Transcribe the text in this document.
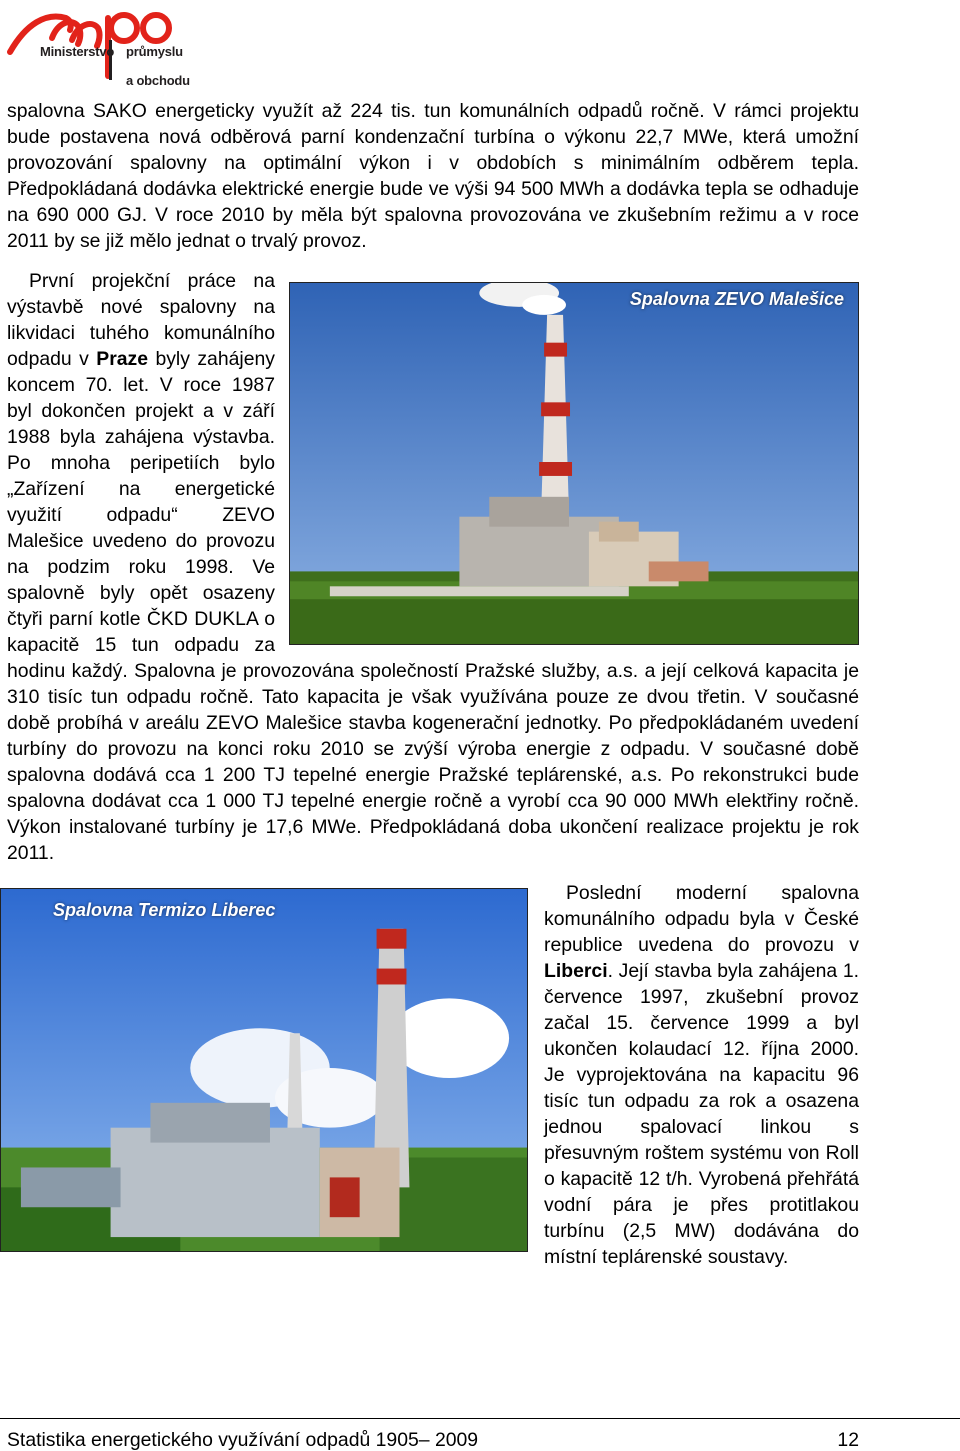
Ministerstvo průmyslu
a obchodu

spalovna SAKO energeticky využít až 224 tis. tun komunálních odpadů ročně. V rámci projektu bude postavena nová odběrová parní kondenzační turbína o výkonu 22,7 MWe, která umožní provozování spalovny na optimální výkon i v obdobích s minimálním odběrem tepla. Předpokládaná dodávka elektrické energie bude ve výši 94 500 MWh a dodávka tepla se odhaduje na 690 000 GJ. V roce 2010 by měla být spalovna provozována ve zkušebním režimu a v roce 2011 by se již mělo jednat o trvalý provoz.

Spalovna ZEVO Malešice
První projekční práce na výstavbě nové spalovny na likvidaci tuhého komunálního odpadu v Praze byly zahájeny koncem 70. let. V roce 1987 byl dokončen projekt a v září 1988 byla zahájena výstavba. Po mnoha peripetiích bylo „Zařízení na energetické využití odpadu“ ZEVO Malešice uvedeno do provozu na podzim roku 1998. Ve spalovně byly opět osazeny čtyři parní kotle ČKD DUKLA o kapacitě 15 tun odpadu za hodinu každý. Spalovna je provozována společností Pražské služby, a.s. a její celková kapacita je 310 tisíc tun odpadu ročně. Tato kapacita je však využívána pouze ze dvou třetin. V současné době probíhá v areálu ZEVO Malešice stavba kogenerační jednotky. Po předpokládaném uvedení turbíny do provozu na konci roku 2010 se zvýší výroba energie z odpadu. V současné době spalovna dodává cca 1 200 TJ tepelné energie Pražské teplárenské, a.s. Po rekonstrukci bude spalovna dodávat cca 1 000 TJ tepelné energie ročně a vyrobí cca 90 000 MWh elektřiny ročně. Výkon instalované turbíny je 17,6 MWe. Předpokládaná doba ukončení realizace projektu je rok 2011.

Spalovna Termizo Liberec
Poslední moderní spalovna komunálního odpadu byla v České republice uvedena do provozu v Liberci. Její stavba byla zahájena 1. července 1997, zkušební provoz začal 15. července 1999 a byl ukončen kolaudací 12. října 2000. Je vyprojektována na kapacitu 96 tisíc tun odpadu za rok a osazena jednou spalovací linkou s přesuvným roštem systému von Roll o kapacitě 12 t/h. Vyrobená přehřátá vodní pára je přes protitlakou turbínu (2,5 MW) dodávána do místní teplárenské soustavy.

Statistika energetického využívání odpadů 1905– 2009	12
